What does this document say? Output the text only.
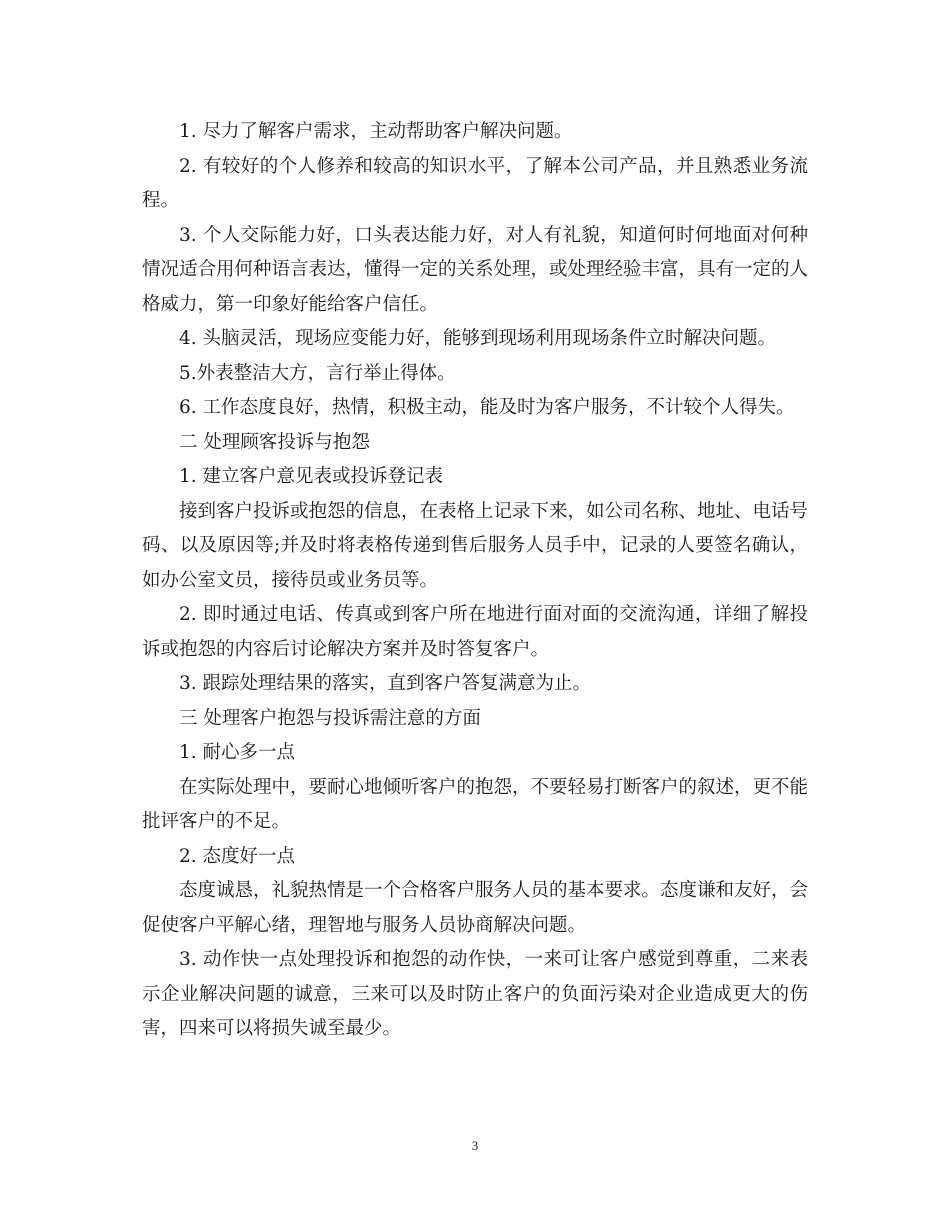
1. 尽力了解客户需求，主动帮助客户解决问题。

2. 有较好的个人修养和较高的知识水平，了解本公司产品，并且熟悉业务流程。

3. 个人交际能力好，口头表达能力好，对人有礼貌，知道何时何地面对何种情况适合用何种语言表达，懂得一定的关系处理，或处理经验丰富，具有一定的人格威力，第一印象好能给客户信任。

4. 头脑灵活，现场应变能力好，能够到现场利用现场条件立时解决问题。

5.外表整洁大方，言行举止得体。

6. 工作态度良好，热情，积极主动，能及时为客户服务，不计较个人得失。

二 处理顾客投诉与抱怨

1. 建立客户意见表或投诉登记表

接到客户投诉或抱怨的信息，在表格上记录下来，如公司名称、地址、电话号码、以及原因等;并及时将表格传递到售后服务人员手中，记录的人要签名确认，如办公室文员，接待员或业务员等。

2. 即时通过电话、传真或到客户所在地进行面对面的交流沟通，详细了解投诉或抱怨的内容后讨论解决方案并及时答复客户。

3. 跟踪处理结果的落实，直到客户答复满意为止。

三 处理客户抱怨与投诉需注意的方面

1. 耐心多一点

在实际处理中，要耐心地倾听客户的抱怨，不要轻易打断客户的叙述，更不能批评客户的不足。

2. 态度好一点

态度诚恳，礼貌热情是一个合格客户服务人员的基本要求。态度谦和友好，会促使客户平解心绪，理智地与服务人员协商解决问题。

3. 动作快一点处理投诉和抱怨的动作快，一来可让客户感觉到尊重，二来表示企业解决问题的诚意，三来可以及时防止客户的负面污染对企业造成更大的伤害，四来可以将损失诚至最少。

3
